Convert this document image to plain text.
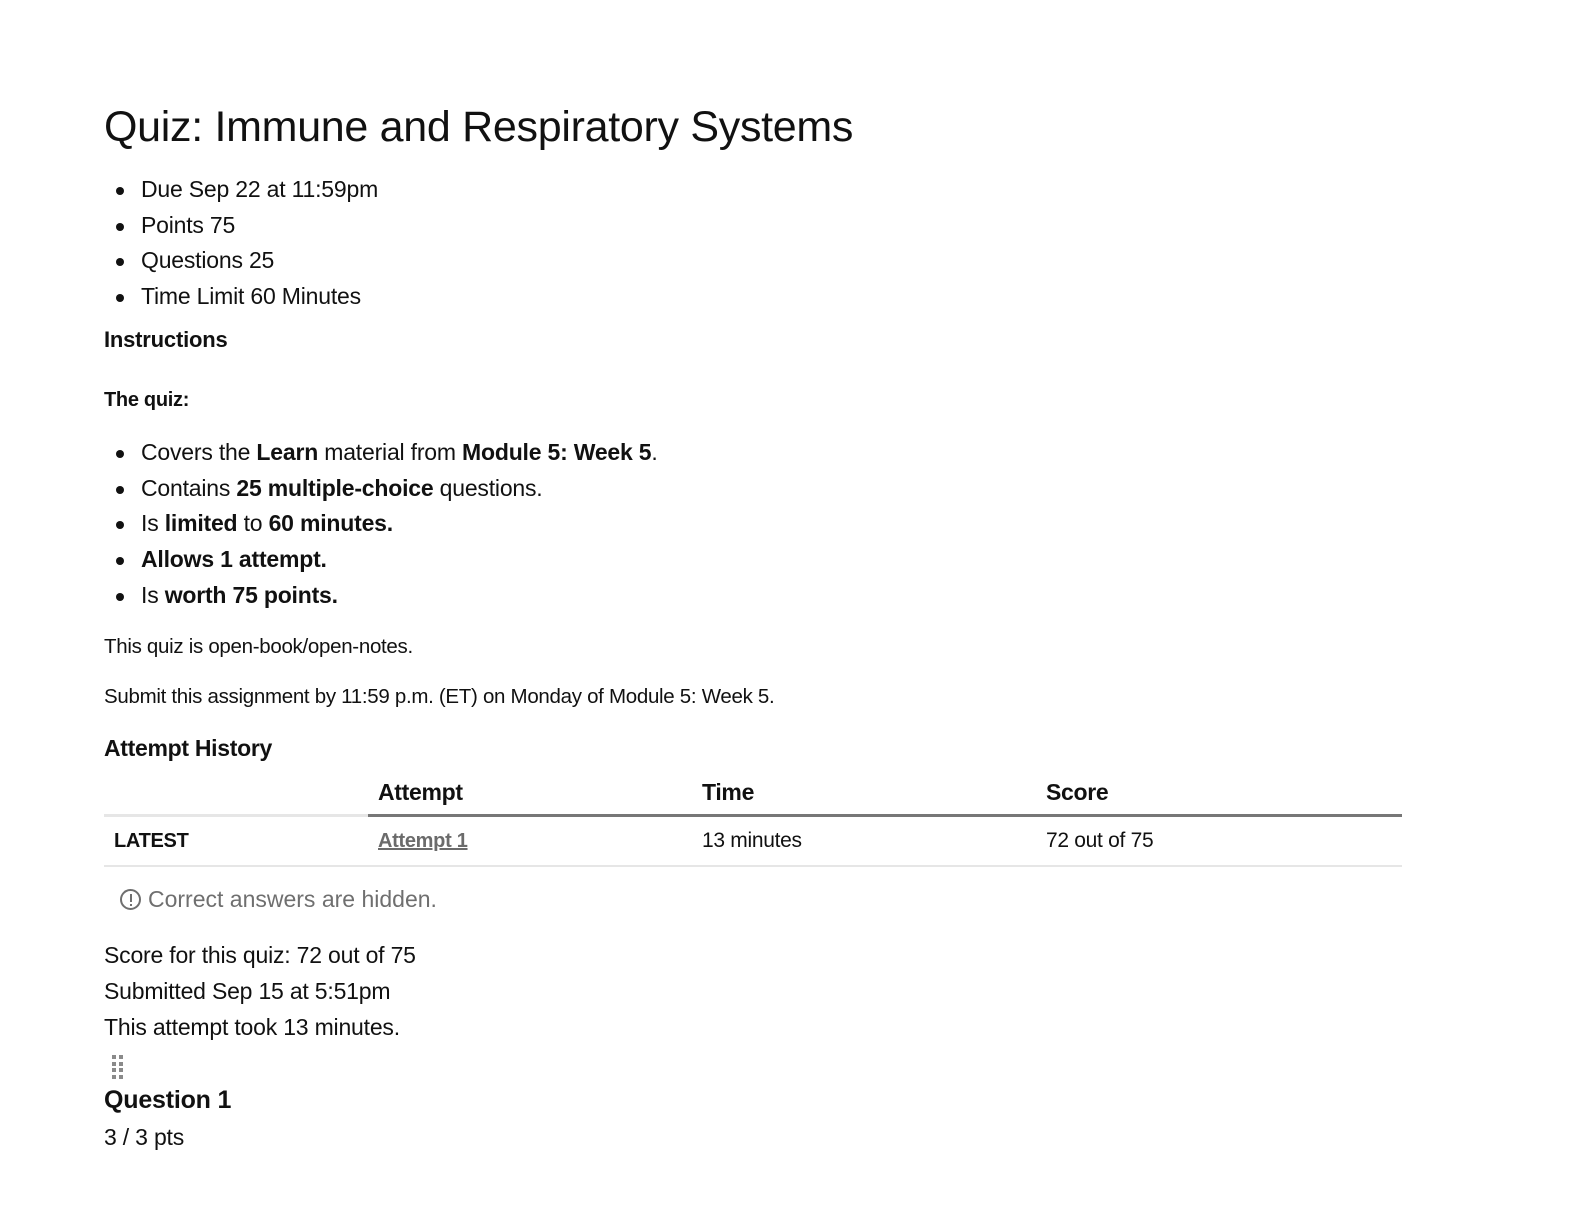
Quiz: Immune and Respiratory Systems
Due Sep 22 at 11:59pm
Points 75
Questions 25
Time Limit 60 Minutes
Instructions
The quiz:
Covers the Learn material from Module 5: Week 5.
Contains 25 multiple-choice questions.
Is limited to 60 minutes.
Allows 1 attempt.
Is worth 75 points.

This quiz is open-book/open-notes.

Submit this assignment by 11:59 p.m. (ET) on Monday of Module 5: Week 5.

Attempt History
	Attempt	Time	Score
LATEST	Attempt 1	13 minutes	72 out of 75
Correct answers are hidden.
Score for this quiz: 72 out of 75
Submitted Sep 15 at 5:51pm
This attempt took 13 minutes.
Question 1

3 / 3 pts
